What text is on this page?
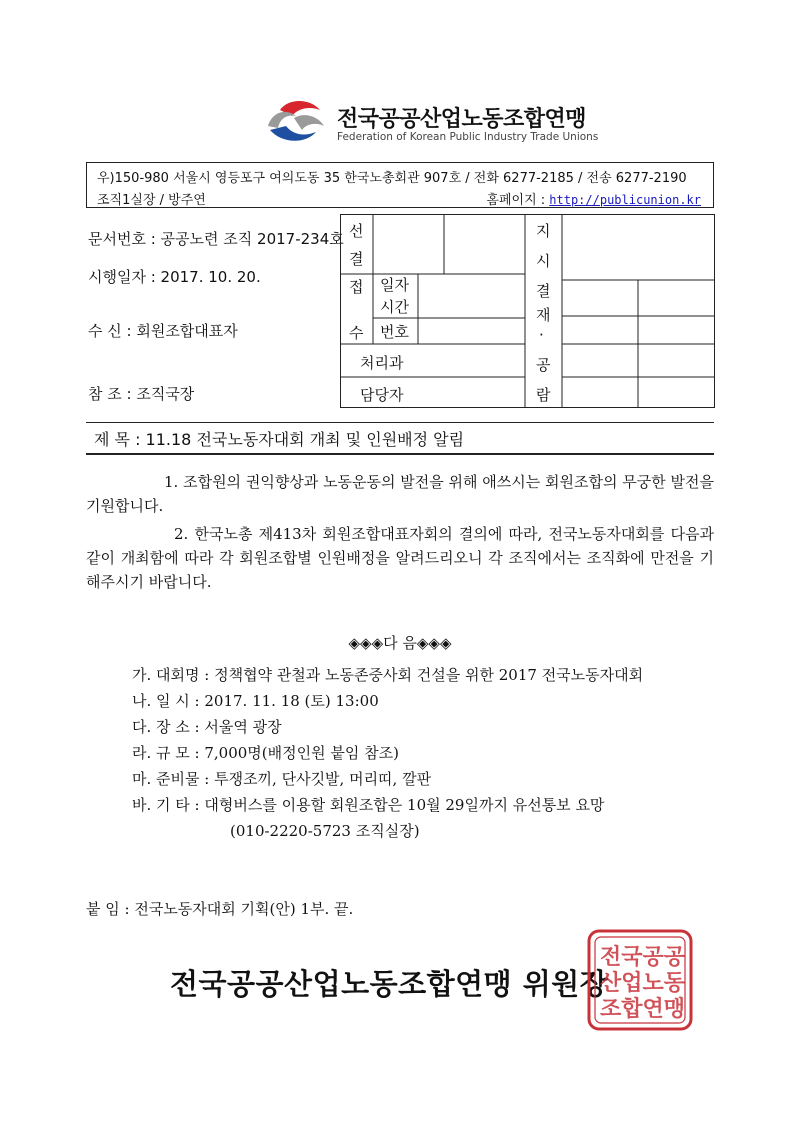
전국공공산업노동조합연맹
Federation of Korean Public Industry Trade Unions
우)150-980 서울시 영등포구 여의도동 35 한국노총회관 907호 / 전화 6277-2185 / 전송 6277-2190
조직1실장 / 방주연	홈페이지 : http://publicunion.kr
문서번호 : 공공노련 조직 2017-234호
시행일자 : 2017. 10. 20.
수 신 : 회원조합대표자
참 조 : 조직국장
선
결
접
수
일자
시간
번호
처리과
담당자
지
시
결
재
·
공
람
제 목 : 11.18 전국노동자대회 개최 및 인원배정 알림
1. 조합원의 권익향상과 노동운동의 발전을 위해 애쓰시는 회원조합의 무궁한 발전을 기원합니다.
2. 한국노총 제413차 회원조합대표자회의 결의에 따라, 전국노동자대회를 다음과 같이 개최함에 따라 각 회원조합별 인원배정을 알려드리오니 각 조직에서는 조직화에 만전을 기해주시기 바랍니다.
◈◈◈다 음◈◈◈
가. 대회명 : 정책협약 관철과 노동존중사회 건설을 위한 2017 전국노동자대회
나. 일 시 : 2017. 11. 18 (토) 13:00
다. 장 소 : 서울역 광장
라. 규 모 : 7,000명(배정인원 붙임 참조)
마. 준비물 : 투쟁조끼, 단사깃발, 머리띠, 깔판
바. 기 타 : 대형버스를 이용할 회원조합은 10월 29일까지 유선통보 요망
(010-2220-5723 조직실장)
붙 임 : 전국노동자대회 기획(안) 1부. 끝.
전국공공산업노동조합연맹 위원장
전국공공
산업노동
조합연맹
